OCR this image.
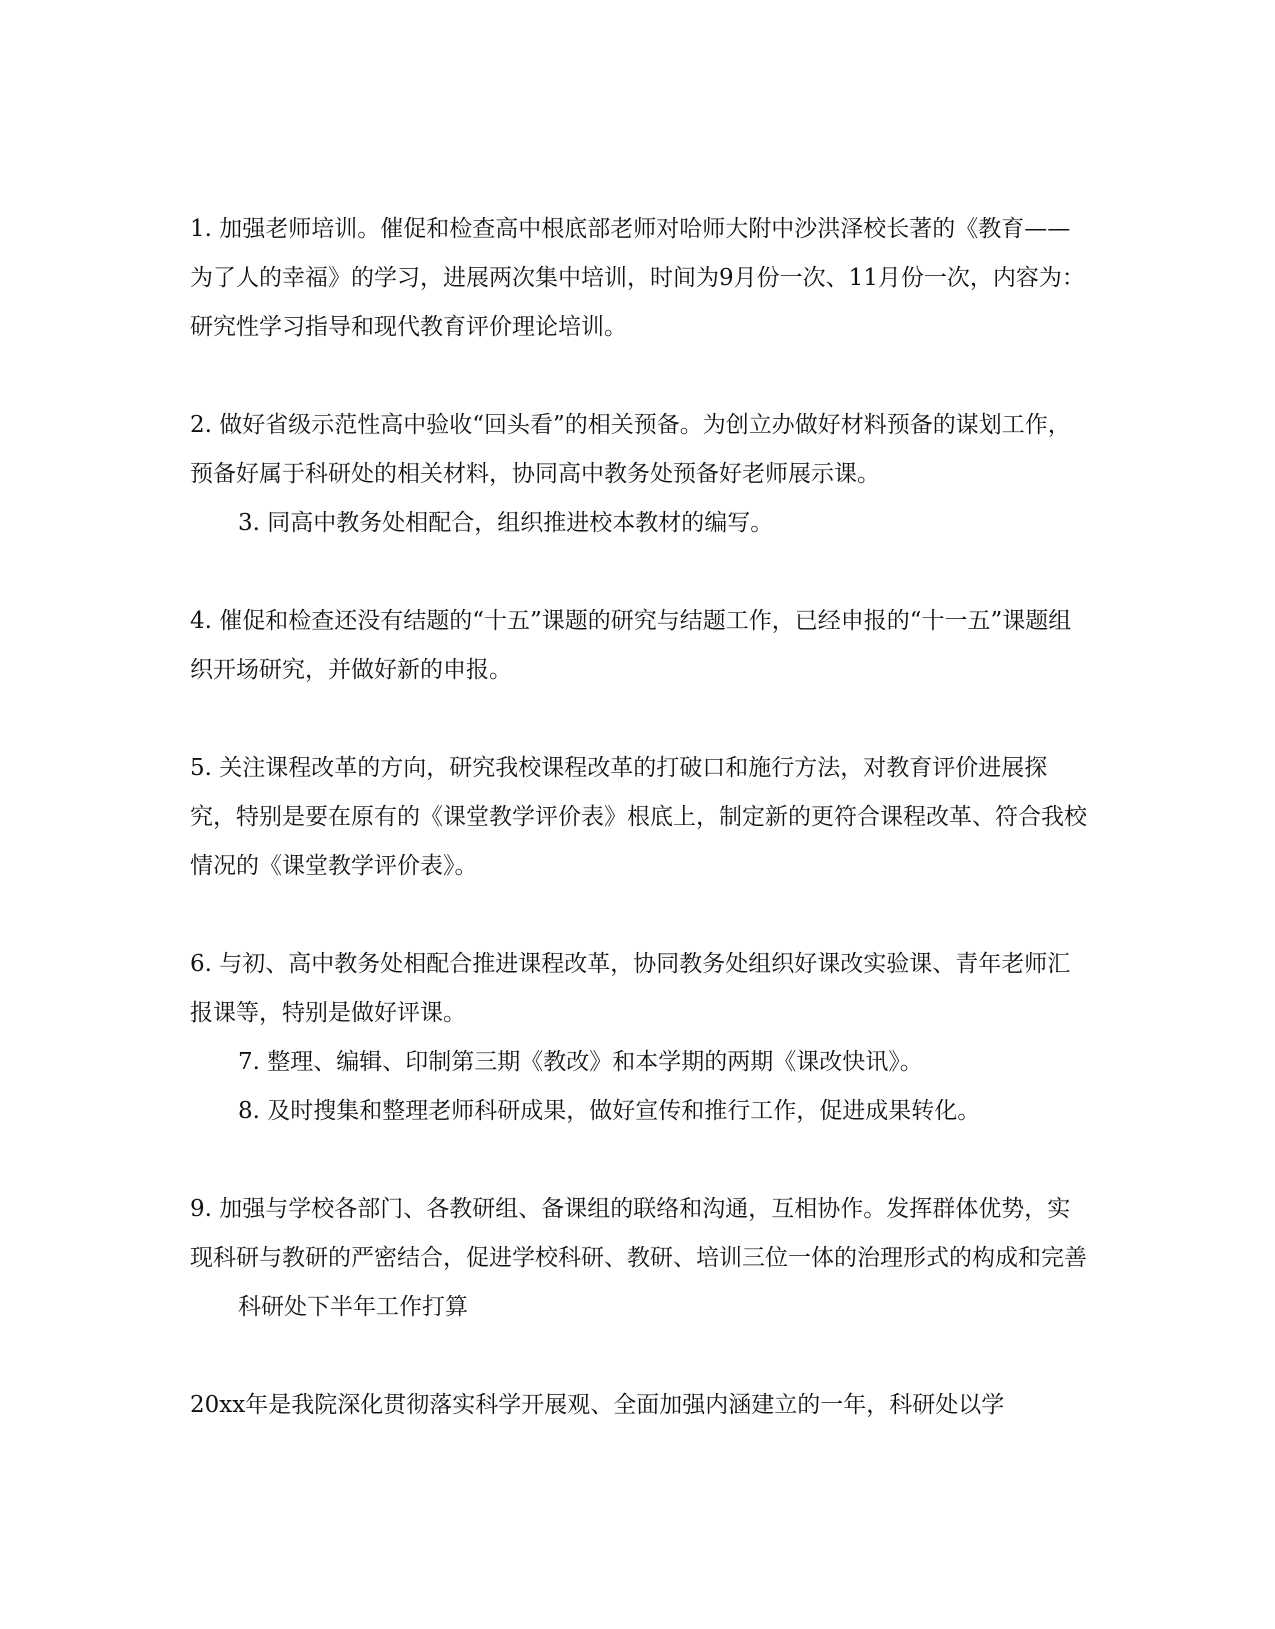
1. 加强老师培训。催促和检查高中根底部老师对哈师大附中沙洪泽校长著的《教育——为了人的幸福》的学习，进展两次集中培训，时间为9月份一次、11月份一次，内容为：研究性学习指导和现代教育评价理论培训。

2. 做好省级示范性高中验收“回头看”的相关预备。为创立办做好材料预备的谋划工作，预备好属于科研处的相关材料，协同高中教务处预备好老师展示课。

3. 同高中教务处相配合，组织推进校本教材的编写。

4. 催促和检查还没有结题的“十五”课题的研究与结题工作，已经申报的“十一五”课题组织开场研究，并做好新的申报。

5. 关注课程改革的方向，研究我校课程改革的打破口和施行方法，对教育评价进展探究，特别是要在原有的《课堂教学评价表》根底上，制定新的更符合课程改革、符合我校情况的《课堂教学评价表》。

6. 与初、高中教务处相配合推进课程改革，协同教务处组织好课改实验课、青年老师汇报课等，特别是做好评课。

7. 整理、编辑、印制第三期《教改》和本学期的两期《课改快讯》。

8. 及时搜集和整理老师科研成果，做好宣传和推行工作，促进成果转化。

9. 加强与学校各部门、各教研组、备课组的联络和沟通，互相协作。发挥群体优势，实现科研与教研的严密结合，促进学校科研、教研、培训三位一体的治理形式的构成和完善

科研处下半年工作打算

20xx年是我院深化贯彻落实科学开展观、全面加强内涵建立的一年，科研处以学
